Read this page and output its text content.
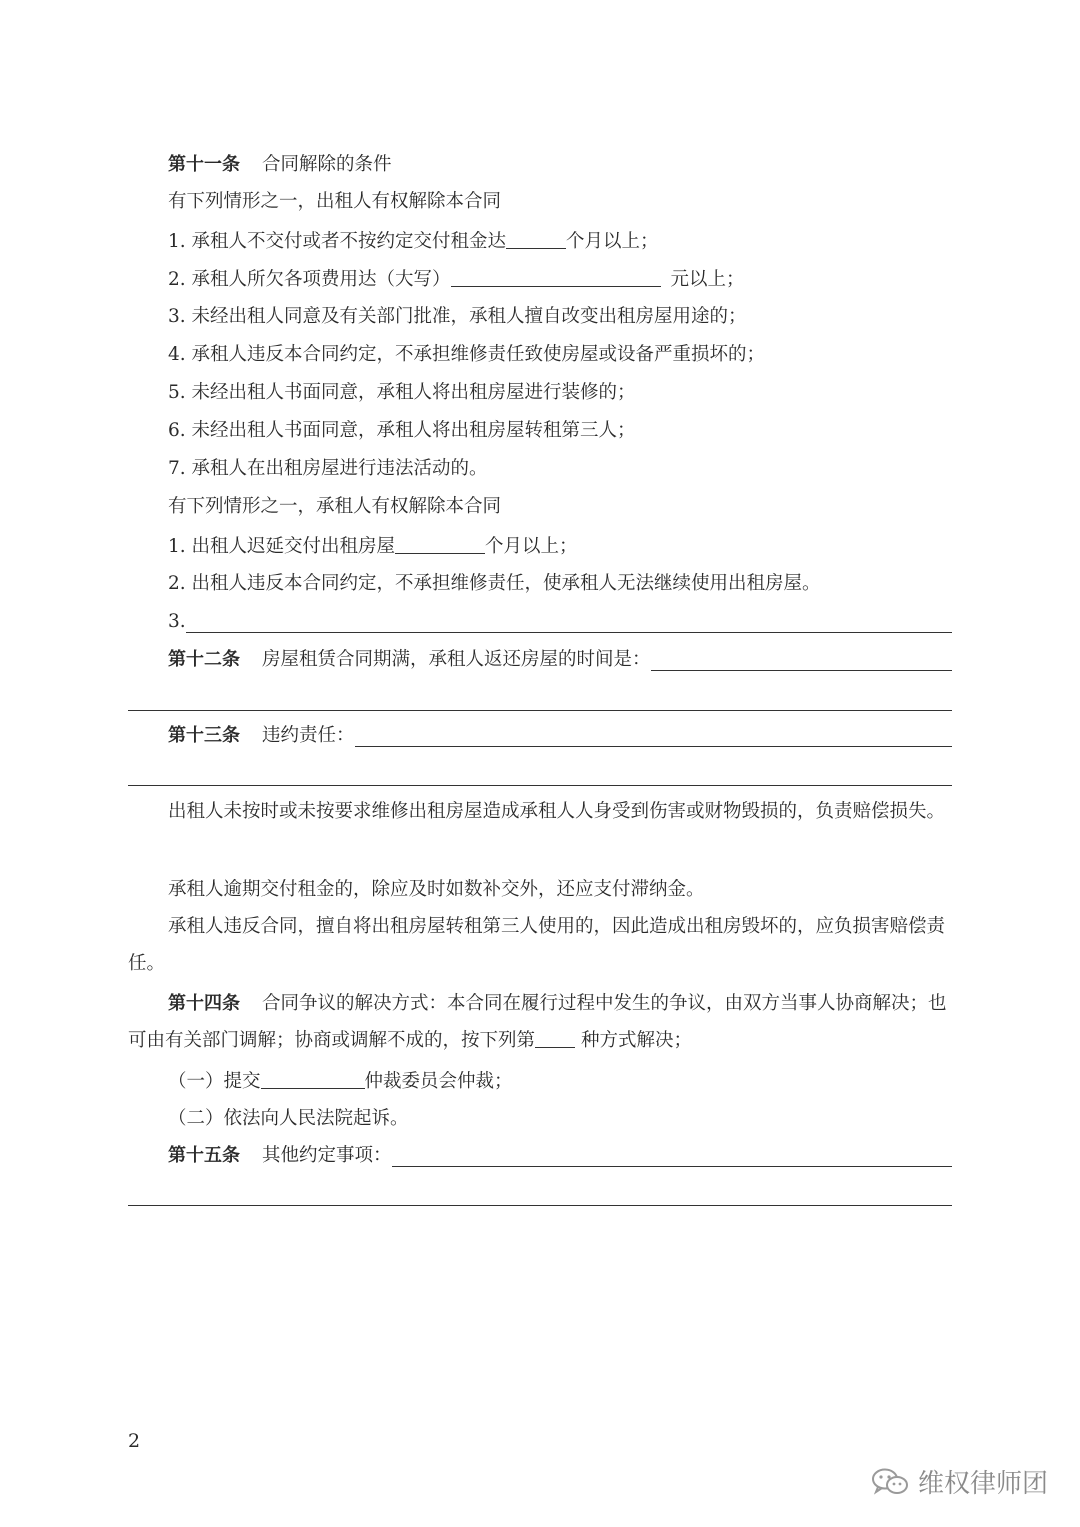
第十一条 合同解除的条件
有下列情形之一，出租人有权解除本合同
1. 承租人不交付或者不按约定交付租金达	个月以上；
2. 承租人所欠各项费用达（大写）	元以上；
3. 未经出租人同意及有关部门批准，承租人擅自改变出租房屋用途的；
4. 承租人违反本合同约定，不承担维修责任致使房屋或设备严重损坏的；
5. 未经出租人书面同意，承租人将出租房屋进行装修的；
6. 未经出租人书面同意，承租人将出租房屋转租第三人；
7. 承租人在出租房屋进行违法活动的。
有下列情形之一，承租人有权解除本合同
1. 出租人迟延交付出租房屋	个月以上；
2. 出租人违反本合同约定，不承担维修责任，使承租人无法继续使用出租房屋。
3.
第十二条 房屋租赁合同期满，承租人返还房屋的时间是：
第十三条 违约责任：
出租人未按时或未按要求维修出租房屋造成承租人人身受到伤害或财物毁损的，负责赔偿损失。
承租人逾期交付租金的，除应及时如数补交外，还应支付滞纳金。
承租人违反合同，擅自将出租房屋转租第三人使用的，因此造成出租房毁坏的，应负损害赔偿责任。
第十四条 合同争议的解决方式：本合同在履行过程中发生的争议，由双方当事人协商解决；也可由有关部门调解；协商或调解不成的，按下列第 种方式解决；
（一）提交	仲裁委员会仲裁；
（二）依法向人民法院起诉。
第十五条 其他约定事项：
2
维权律师团
